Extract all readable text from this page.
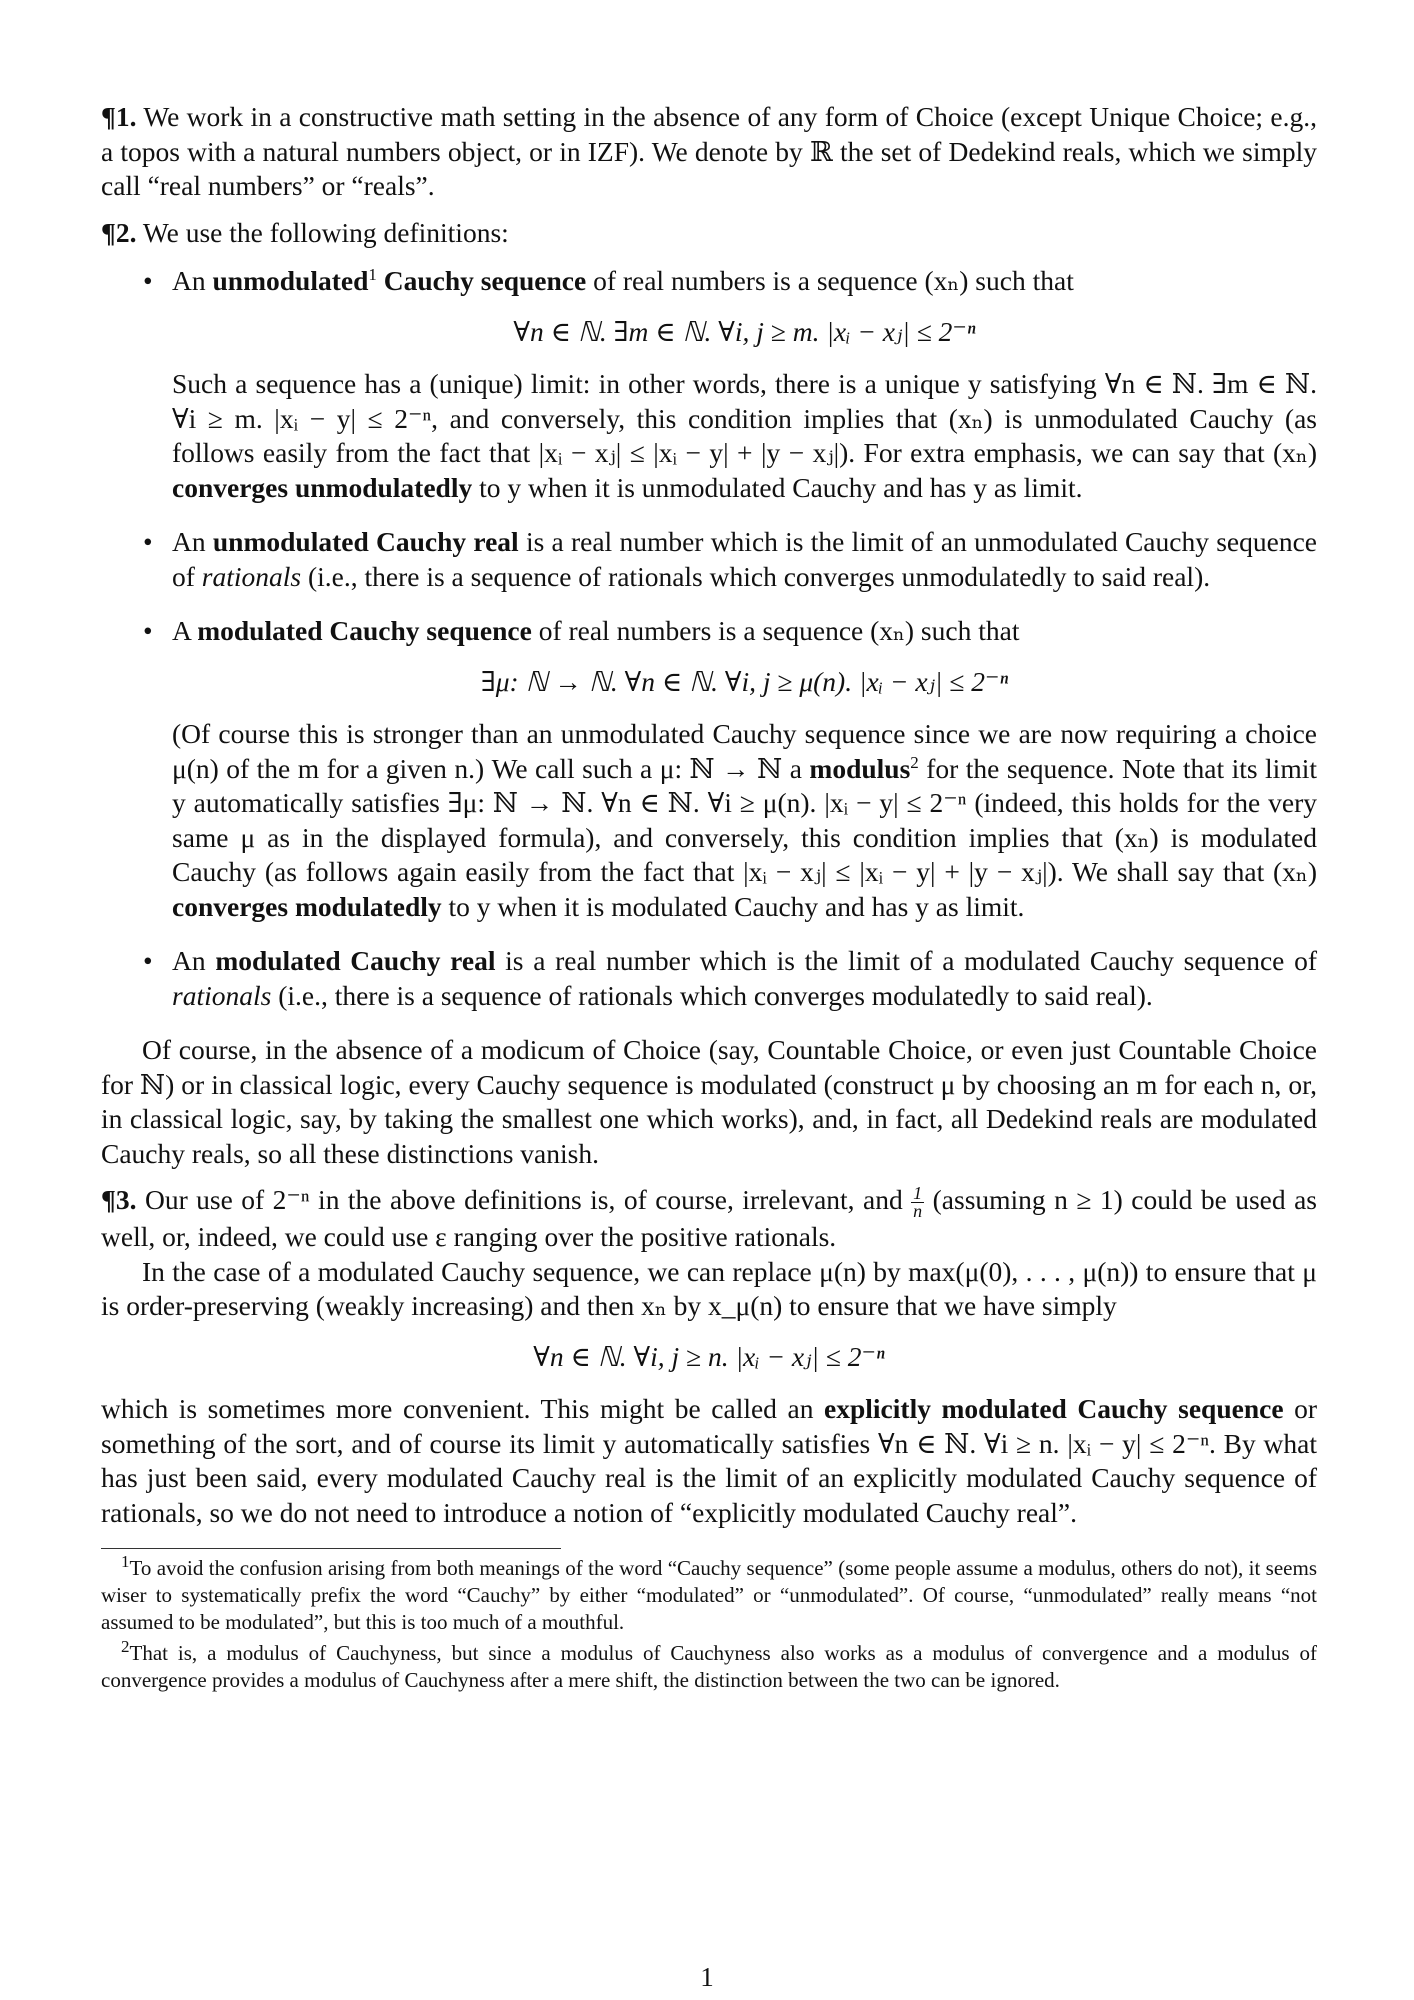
¶1. We work in a constructive math setting in the absence of any form of Choice (except Unique Choice; e.g., a topos with a natural numbers object, or in IZF). We denote by ℝ the set of Dedekind reals, which we simply call “real numbers” or “reals”.

¶2. We use the following definitions:

• An unmodulated$^1$ Cauchy sequence of real numbers is a sequence (xₙ) such that

∀n ∈ ℕ. ∃m ∈ ℕ. ∀i, j ≥ m. |xᵢ − xⱼ| ≤ 2⁻ⁿ

Such a sequence has a (unique) limit: in other words, there is a unique y satisfying ∀n ∈ ℕ. ∃m ∈ ℕ. ∀i ≥ m. |xᵢ − y| ≤ 2⁻ⁿ, and conversely, this condition implies that (xₙ) is unmodulated Cauchy (as follows easily from the fact that |xᵢ − xⱼ| ≤ |xᵢ − y| + |y − xⱼ|). For extra emphasis, we can say that (xₙ) converges unmodulatedly to y when it is unmodulated Cauchy and has y as limit.

• An unmodulated Cauchy real is a real number which is the limit of an unmodulated Cauchy sequence of rationals (i.e., there is a sequence of rationals which converges unmodulatedly to said real).

• A modulated Cauchy sequence of real numbers is a sequence (xₙ) such that

∃μ: ℕ → ℕ. ∀n ∈ ℕ. ∀i, j ≥ μ(n). |xᵢ − xⱼ| ≤ 2⁻ⁿ

(Of course this is stronger than an unmodulated Cauchy sequence since we are now requiring a choice μ(n) of the m for a given n.) We call such a μ: ℕ → ℕ a modulus$^2$ for the sequence. Note that its limit y automatically satisfies ∃μ: ℕ → ℕ. ∀n ∈ ℕ. ∀i ≥ μ(n). |xᵢ − y| ≤ 2⁻ⁿ (indeed, this holds for the very same μ as in the displayed formula), and conversely, this condition implies that (xₙ) is modulated Cauchy (as follows again easily from the fact that |xᵢ − xⱼ| ≤ |xᵢ − y| + |y − xⱼ|). We shall say that (xₙ) converges modulatedly to y when it is modulated Cauchy and has y as limit.

• An modulated Cauchy real is a real number which is the limit of a modulated Cauchy sequence of rationals (i.e., there is a sequence of rationals which converges modulatedly to said real).

Of course, in the absence of a modicum of Choice (say, Countable Choice, or even just Countable Choice for ℕ) or in classical logic, every Cauchy sequence is modulated (construct μ by choosing an m for each n, or, in classical logic, say, by taking the smallest one which works), and, in fact, all Dedekind reals are modulated Cauchy reals, so all these distinctions vanish.

¶3. Our use of 2⁻ⁿ in the above definitions is, of course, irrelevant, and $\frac{1}{n}$ (assuming n ≥ 1) could be used as well, or, indeed, we could use ε ranging over the positive rationals.

In the case of a modulated Cauchy sequence, we can replace μ(n) by max(μ(0), . . . , μ(n)) to ensure that μ is order-preserving (weakly increasing) and then xₙ by x_μ(n) to ensure that we have simply

∀n ∈ ℕ. ∀i, j ≥ n. |xᵢ − xⱼ| ≤ 2⁻ⁿ

which is sometimes more convenient. This might be called an explicitly modulated Cauchy sequence or something of the sort, and of course its limit y automatically satisfies ∀n ∈ ℕ. ∀i ≥ n. |xᵢ − y| ≤ 2⁻ⁿ. By what has just been said, every modulated Cauchy real is the limit of an explicitly modulated Cauchy sequence of rationals, so we do not need to introduce a notion of “explicitly modulated Cauchy real”.

$^1$To avoid the confusion arising from both meanings of the word “Cauchy sequence” (some people assume a modulus, others do not), it seems wiser to systematically prefix the word “Cauchy” by either “modulated” or “unmodulated”. Of course, “unmodulated” really means “not assumed to be modulated”, but this is too much of a mouthful.

$^2$That is, a modulus of Cauchyness, but since a modulus of Cauchyness also works as a modulus of convergence and a modulus of convergence provides a modulus of Cauchyness after a mere shift, the distinction between the two can be ignored.

1
